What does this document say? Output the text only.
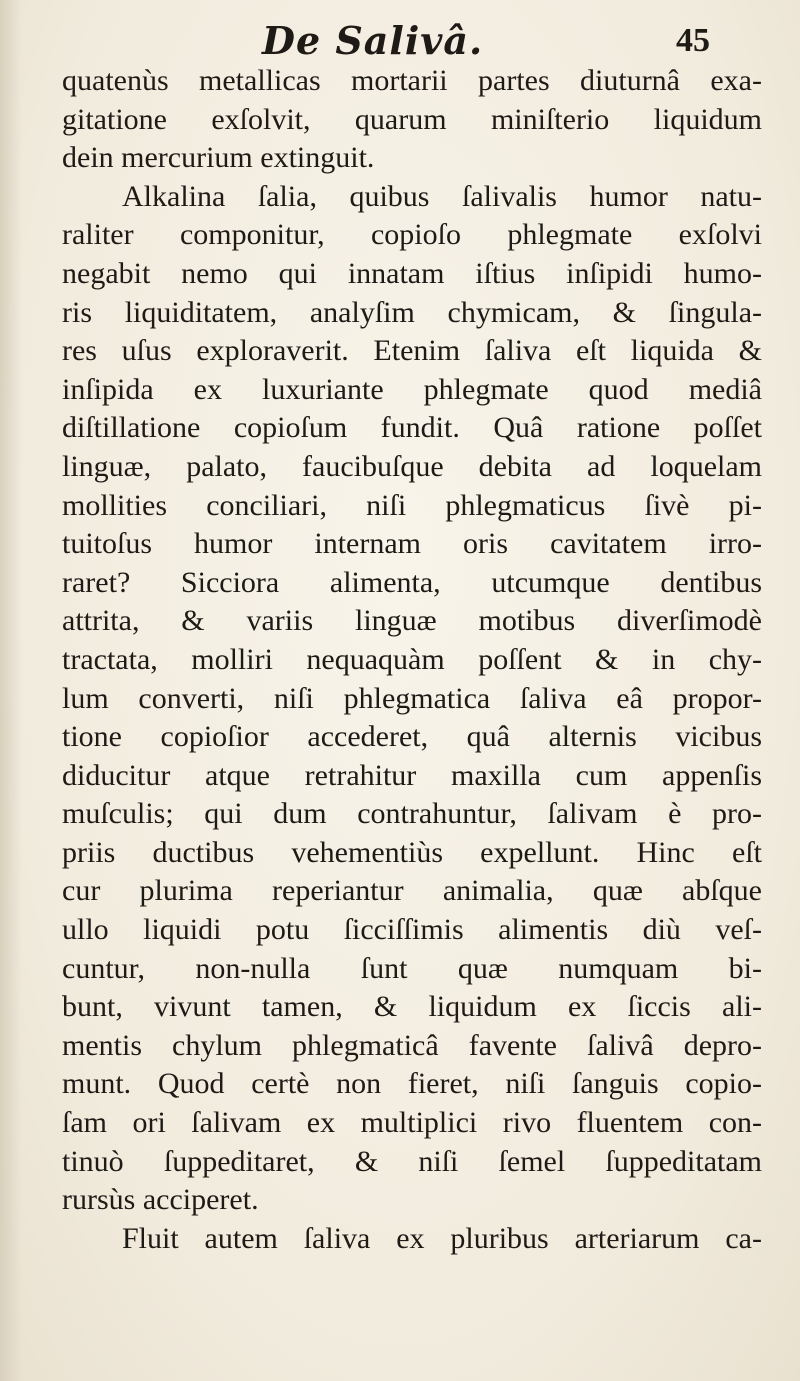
De Salivâ.	45
quatenùs metallicas mortarii partes diuturnâ exa-
gitatione exſolvit, quarum miniſterio liquidum
dein mercurium extinguit.
Alkalina ſalia, quibus ſalivalis humor natu-
raliter componitur, copioſo phlegmate exſolvi
negabit nemo qui innatam iſtius inſipidi humo-
ris liquiditatem, analyſim chymicam, & ſingula-
res uſus exploraverit. Etenim ſaliva eſt liquida &
inſipida ex luxuriante phlegmate quod mediâ
diſtillatione copioſum fundit. Quâ ratione poſſet
linguæ, palato, faucibuſque debita ad loquelam
mollities conciliari, niſi phlegmaticus ſivè pi-
tuitoſus humor internam oris cavitatem irro-
raret? Sicciora alimenta, utcumque dentibus
attrita, & variis linguæ motibus diverſimodè
tractata, molliri nequaquàm poſſent & in chy-
lum converti, niſi phlegmatica ſaliva eâ propor-
tione copioſior accederet, quâ alternis vicibus
diducitur atque retrahitur maxilla cum appenſis
muſculis; qui dum contrahuntur, ſalivam è pro-
priis ductibus vehementiùs expellunt. Hinc eſt
cur plurima reperiantur animalia, quæ abſque
ullo liquidi potu ſicciſſimis alimentis diù veſ-
cuntur, non-nulla ſunt quæ numquam bi-
bunt, vivunt tamen, & liquidum ex ſiccis ali-
mentis chylum phlegmaticâ favente ſalivâ depro-
munt. Quod certè non fieret, niſi ſanguis copio-
ſam ori ſalivam ex multiplici rivo fluentem con-
tinuò ſuppeditaret, & niſi ſemel ſuppeditatam
rursùs acciperet.
Fluit autem ſaliva ex pluribus arteriarum ca-
